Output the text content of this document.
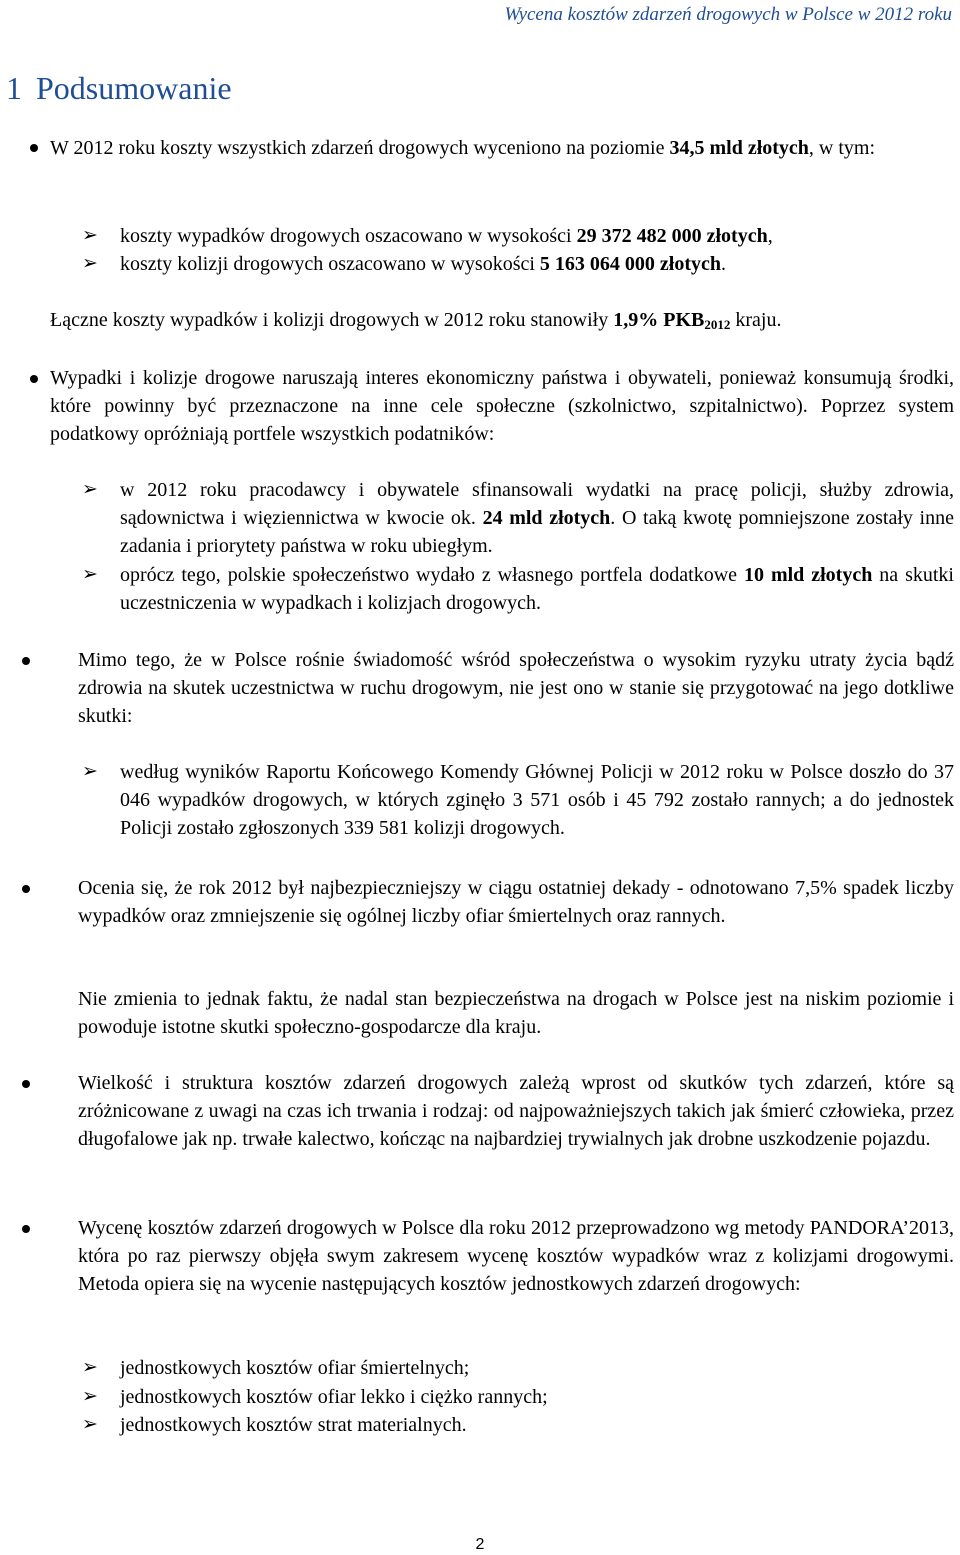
Wycena kosztów zdarzeń drogowych w Polsce w 2012 roku
1 Podsumowanie
W 2012 roku koszty wszystkich zdarzeń drogowych wyceniono na poziomie 34,5 mld złotych, w tym:
➢ koszty wypadków drogowych oszacowano w wysokości 29 372 482 000 złotych,
➢ koszty kolizji drogowych oszacowano w wysokości 5 163 064 000 złotych.
Łączne koszty wypadków i kolizji drogowych w 2012 roku stanowiły 1,9% $PKB_{2012}$ kraju.
Wypadki i kolizje drogowe naruszają interes ekonomiczny państwa i obywateli, ponieważ konsumują środki, które powinny być przeznaczone na inne cele społeczne (szkolnictwo, szpitalnictwo). Poprzez system podatkowy opróżniają portfele wszystkich podatników:
➢ w 2012 roku pracodawcy i obywatele sfinansowali wydatki na pracę policji, służby zdrowia, sądownictwa i więziennictwa w kwocie ok. 24 mld złotych. O taką kwotę pomniejszone zostały inne zadania i priorytety państwa w roku ubiegłym.
➢ oprócz tego, polskie społeczeństwo wydało z własnego portfela dodatkowe 10 mld złotych na skutki uczestniczenia w wypadkach i kolizjach drogowych.
Mimo tego, że w Polsce rośnie świadomość wśród społeczeństwa o wysokim ryzyku utraty życia bądź zdrowia na skutek uczestnictwa w ruchu drogowym, nie jest ono w stanie się przygotować na jego dotkliwe skutki:
➢ według wyników Raportu Końcowego Komendy Głównej Policji w 2012 roku w Polsce doszło do 37 046 wypadków drogowych, w których zginęło 3 571 osób i 45 792 zostało rannych; a do jednostek Policji zostało zgłoszonych 339 581 kolizji drogowych.
Ocenia się, że rok 2012 był najbezpieczniejszy w ciągu ostatniej dekady - odnotowano 7,5% spadek liczby wypadków oraz zmniejszenie się ogólnej liczby ofiar śmiertelnych oraz rannych.
Nie zmienia to jednak faktu, że nadal stan bezpieczeństwa na drogach w Polsce jest na niskim poziomie i powoduje istotne skutki społeczno-gospodarcze dla kraju.
Wielkość i struktura kosztów zdarzeń drogowych zależą wprost od skutków tych zdarzeń, które są zróżnicowane z uwagi na czas ich trwania i rodzaj: od najpoważniejszych takich jak śmierć człowieka, przez długofalowe jak np. trwałe kalectwo, kończąc na najbardziej trywialnych jak drobne uszkodzenie pojazdu.
Wycenę kosztów zdarzeń drogowych w Polsce dla roku 2012 przeprowadzono wg metody PANDORA’2013, która po raz pierwszy objęła swym zakresem wycenę kosztów wypadków wraz z kolizjami drogowymi. Metoda opiera się na wycenie następujących kosztów jednostkowych zdarzeń drogowych:
➢ jednostkowych kosztów ofiar śmiertelnych;
➢ jednostkowych kosztów ofiar lekko i ciężko rannych;
➢ jednostkowych kosztów strat materialnych.
2
